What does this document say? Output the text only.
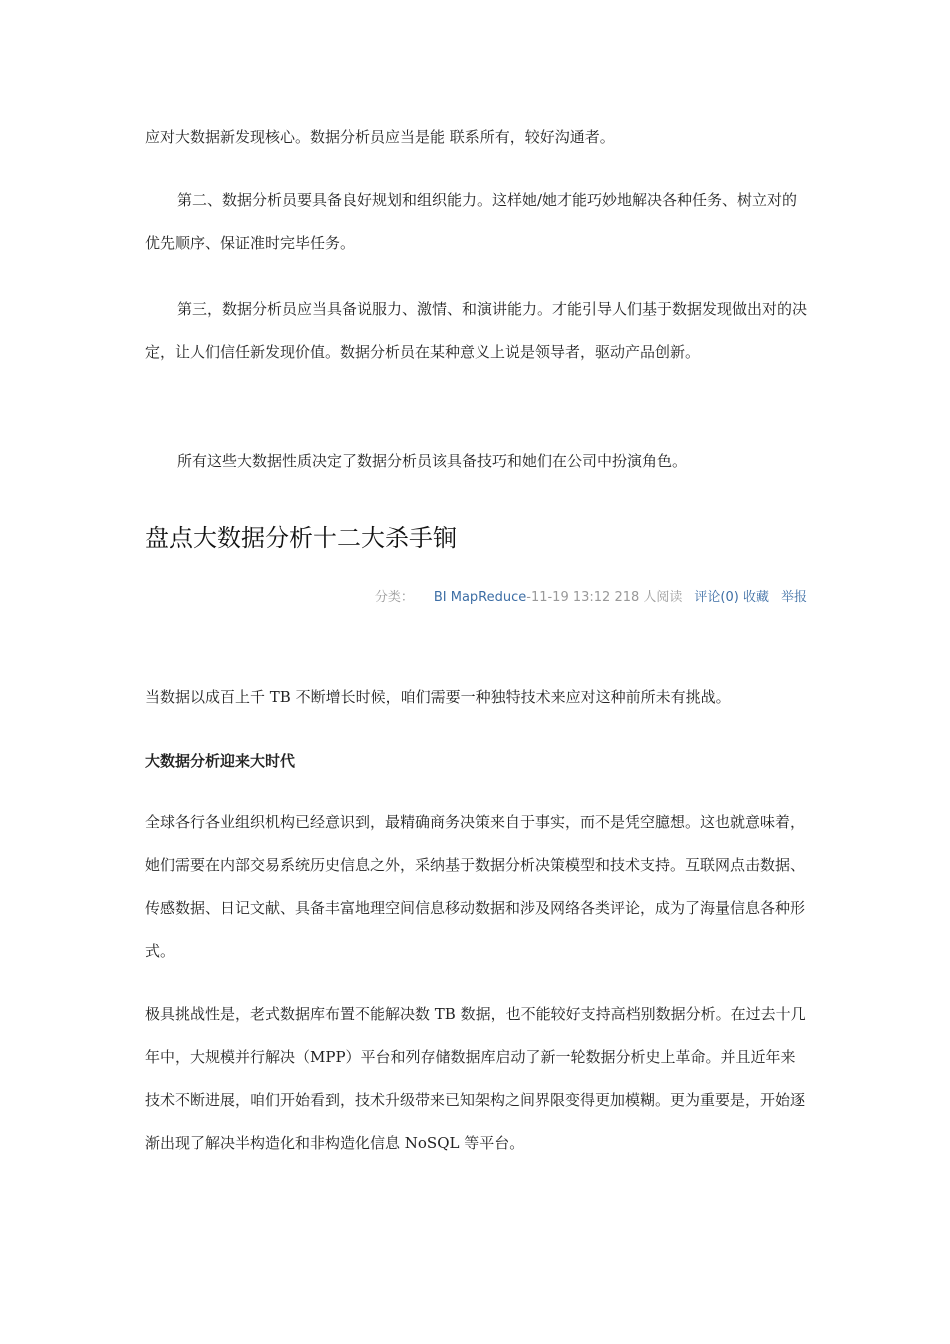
应对大数据新发现核心。数据分析员应当是能 联系所有，较好沟通者。

第二、数据分析员要具备良好规划和组织能力。这样她/她才能巧妙地解决各种任务、树立对的优先顺序、保证准时完毕任务。

第三，数据分析员应当具备说服力、激情、和演讲能力。才能引导人们基于数据发现做出对的决定，让人们信任新发现价值。数据分析员在某种意义上说是领导者，驱动产品创新。

所有这些大数据性质决定了数据分析员该具备技巧和她们在公司中扮演角色。

盘点大数据分析十二大杀手锏
分类： BI MapReduce-11-19 13:12 218 人阅读 评论(0) 收藏 举报

当数据以成百上千 TB 不断增长时候，咱们需要一种独特技术来应对这种前所未有挑战。

大数据分析迎来大时代

全球各行各业组织机构已经意识到，最精确商务决策来自于事实，而不是凭空臆想。这也就意味着，她们需要在内部交易系统历史信息之外，采纳基于数据分析决策模型和技术支持。互联网点击数据、传感数据、日记文献、具备丰富地理空间信息移动数据和涉及网络各类评论，成为了海量信息各种形式。

极具挑战性是，老式数据库布置不能解决数 TB 数据，也不能较好支持高档别数据分析。在过去十几年中，大规模并行解决（MPP）平台和列存储数据库启动了新一轮数据分析史上革命。并且近年来技术不断进展，咱们开始看到，技术升级带来已知架构之间界限变得更加模糊。更为重要是，开始逐渐出现了解决半构造化和非构造化信息 NoSQL 等平台。
